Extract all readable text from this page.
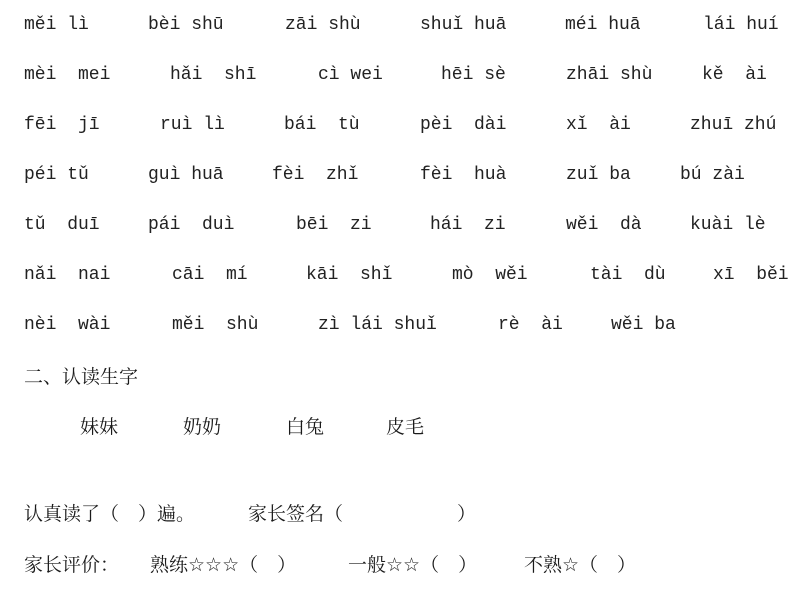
měi lì	bèi shū	zāi shù	shuǐ huā	méi huā	lái huí
mèi  mei	hǎi  shī	cì wei	hēi sè	zhāi shù	kě  ài
fēi  jī	ruì lì	bái  tù	pèi  dài	xǐ  ài	zhuī zhú
péi tǔ	guì huā	fèi  zhǐ	fèi  huà	zuǐ ba	bú zài
tǔ  duī	pái  duì	bēi  zi	hái  zi	wěi  dà	kuài lè
nǎi  nai	cāi  mí	kāi  shǐ	mò  wěi	tài  dù	xī  běi
nèi  wài	měi  shù	zì lái shuǐ	rè  ài	wěi ba
二、认读生字
妹妹	奶奶	白兔	皮毛
认真读了（　）遍。	家长签名（　　　　　　）
家长评价： 熟练☆☆☆（　）	一般☆☆（　） 不熟☆（　）
